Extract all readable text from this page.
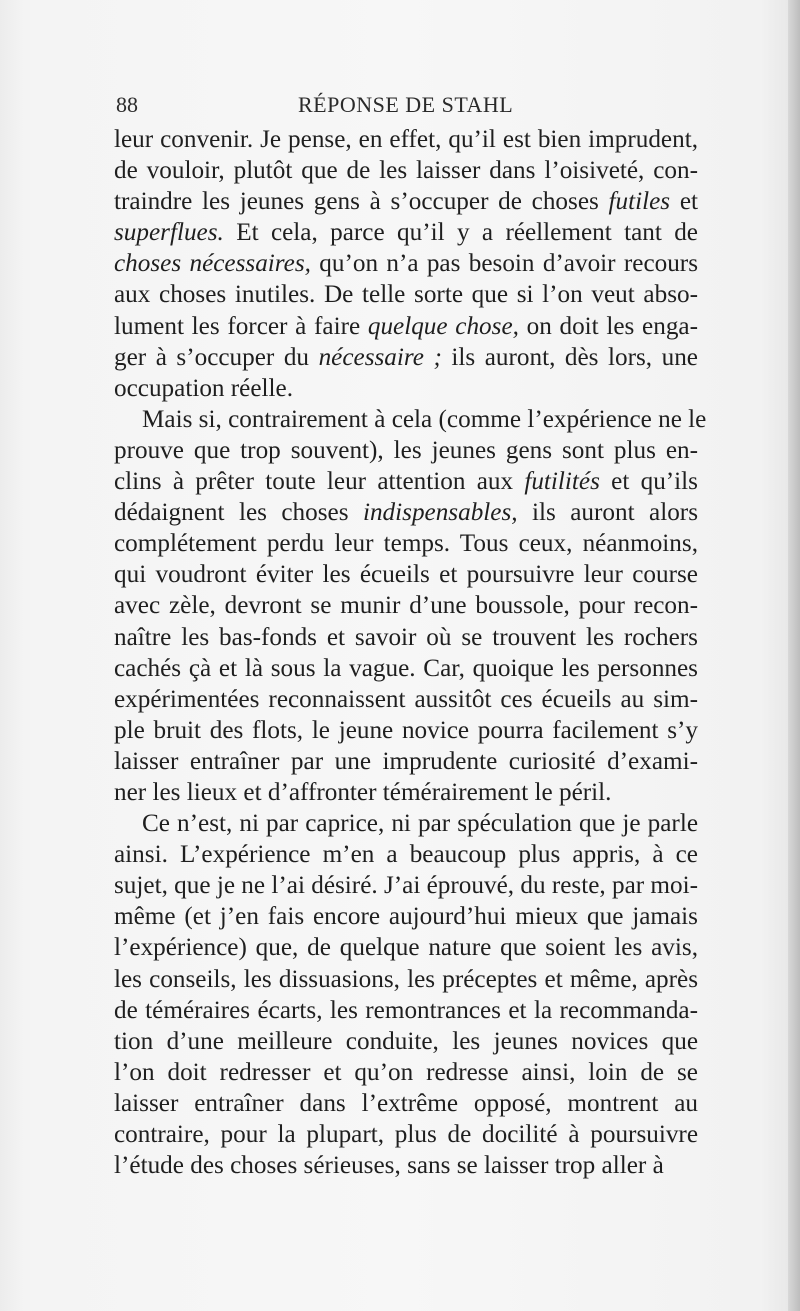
88	RÉPONSE DE STAHL
leur convenir. Je pense, en effet, qu’il est bien imprudent,
de vouloir, plutôt que de les laisser dans l’oisiveté, con-
traindre les jeunes gens à s’occuper de choses futiles et
superflues. Et cela, parce qu’il y a réellement tant de
choses nécessaires, qu’on n’a pas besoin d’avoir recours
aux choses inutiles. De telle sorte que si l’on veut abso-
lument les forcer à faire quelque chose, on doit les enga-
ger à s’occuper du nécessaire ; ils auront, dès lors, une
occupation réelle.
Mais si, contrairement à cela (comme l’expérience ne le
prouve que trop souvent), les jeunes gens sont plus en-
clins à prêter toute leur attention aux futilités et qu’ils
dédaignent les choses indispensables, ils auront alors
complétement perdu leur temps. Tous ceux, néanmoins,
qui voudront éviter les écueils et poursuivre leur course
avec zèle, devront se munir d’une boussole, pour recon-
naître les bas-fonds et savoir où se trouvent les rochers
cachés çà et là sous la vague. Car, quoique les personnes
expérimentées reconnaissent aussitôt ces écueils au sim-
ple bruit des flots, le jeune novice pourra facilement s’y
laisser entraîner par une imprudente curiosité d’exami-
ner les lieux et d’affronter témérairement le péril.
Ce n’est, ni par caprice, ni par spéculation que je parle
ainsi. L’expérience m’en a beaucoup plus appris, à ce
sujet, que je ne l’ai désiré. J’ai éprouvé, du reste, par moi-
même (et j’en fais encore aujourd’hui mieux que jamais
l’expérience) que, de quelque nature que soient les avis,
les conseils, les dissuasions, les préceptes et même, après
de téméraires écarts, les remontrances et la recommanda-
tion d’une meilleure conduite, les jeunes novices que
l’on doit redresser et qu’on redresse ainsi, loin de se
laisser entraîner dans l’extrême opposé, montrent au
contraire, pour la plupart, plus de docilité à poursuivre
l’étude des choses sérieuses, sans se laisser trop aller à
